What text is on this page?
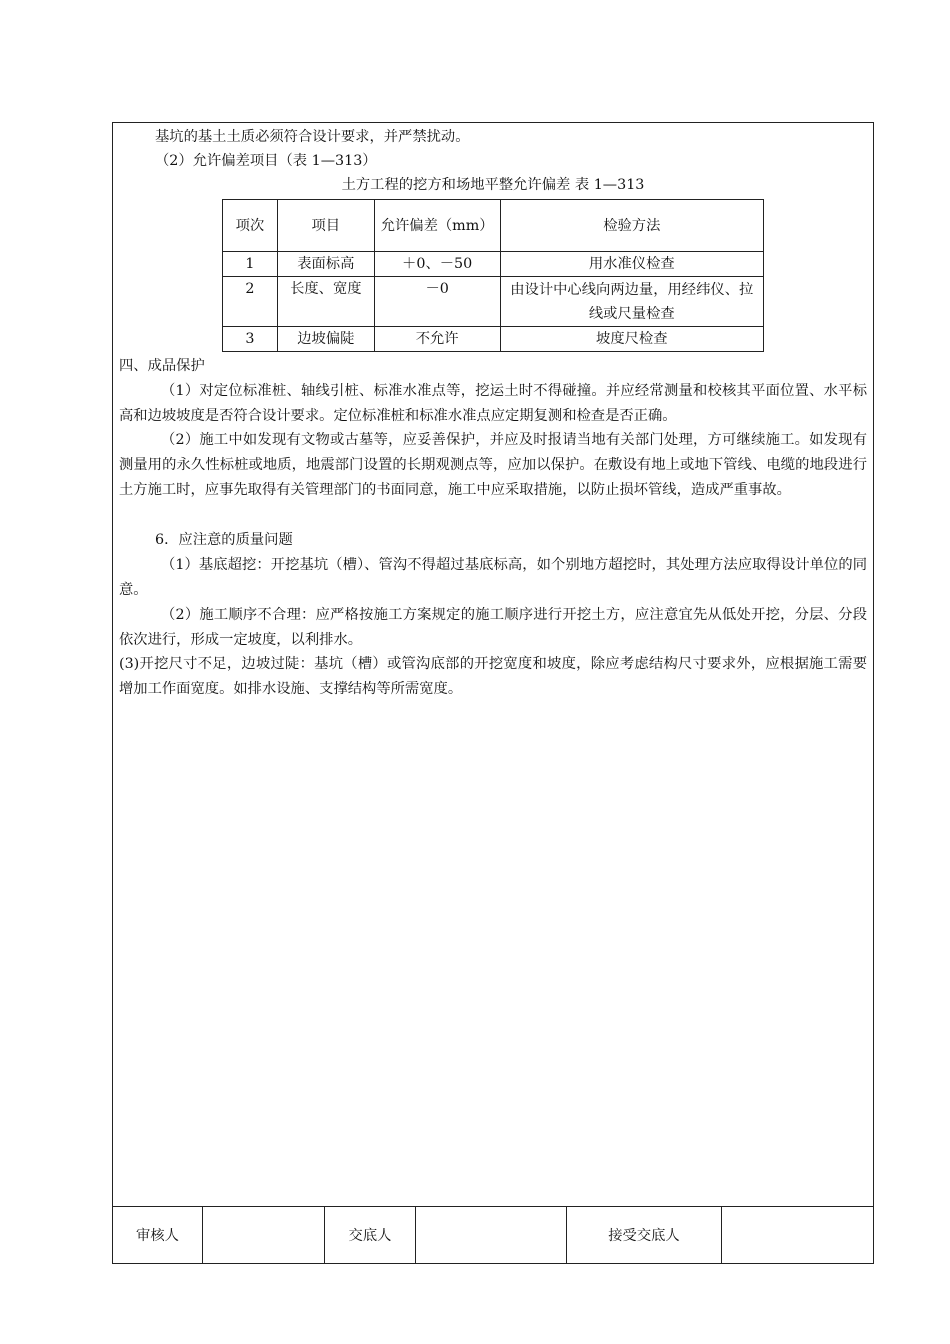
基坑的基土土质必须符合设计要求，并严禁扰动。
（2）允许偏差项目（表 1—313）
土方工程的挖方和场地平整允许偏差 表 1—313
项次	项目	允许偏差（mm）	检验方法
1	表面标高	＋0、－50	用水准仪检查
2	长度、宽度	－0	由设计中心线向两边量，用经纬仪、拉线或尺量检查
3	边坡偏陡	不允许	坡度尺检查
四、成品保护
（1）对定位标准桩、轴线引桩、标准水准点等，挖运土时不得碰撞。并应经常测量和校核其平面位置、水平标高和边坡坡度是否符合设计要求。定位标准桩和标准水准点应定期复测和检查是否正确。
（2）施工中如发现有文物或古墓等，应妥善保护，并应及时报请当地有关部门处理，方可继续施工。如发现有测量用的永久性标桩或地质，地震部门设置的长期观测点等，应加以保护。在敷设有地上或地下管线、电缆的地段进行土方施工时，应事先取得有关管理部门的书面同意，施工中应采取措施，以防止损坏管线，造成严重事故。
6．应注意的质量问题
（1）基底超挖：开挖基坑（槽）、管沟不得超过基底标高，如个别地方超挖时，其处理方法应取得设计单位的同意。
（2）施工顺序不合理：应严格按施工方案规定的施工顺序进行开挖土方，应注意宜先从低处开挖，分层、分段依次进行，形成一定坡度，以利排水。
(3)开挖尺寸不足，边坡过陡：基坑（槽）或管沟底部的开挖宽度和坡度，除应考虑结构尺寸要求外，应根据施工需要增加工作面宽度。如排水设施、支撑结构等所需宽度。
审核人	交底人	接受交底人
